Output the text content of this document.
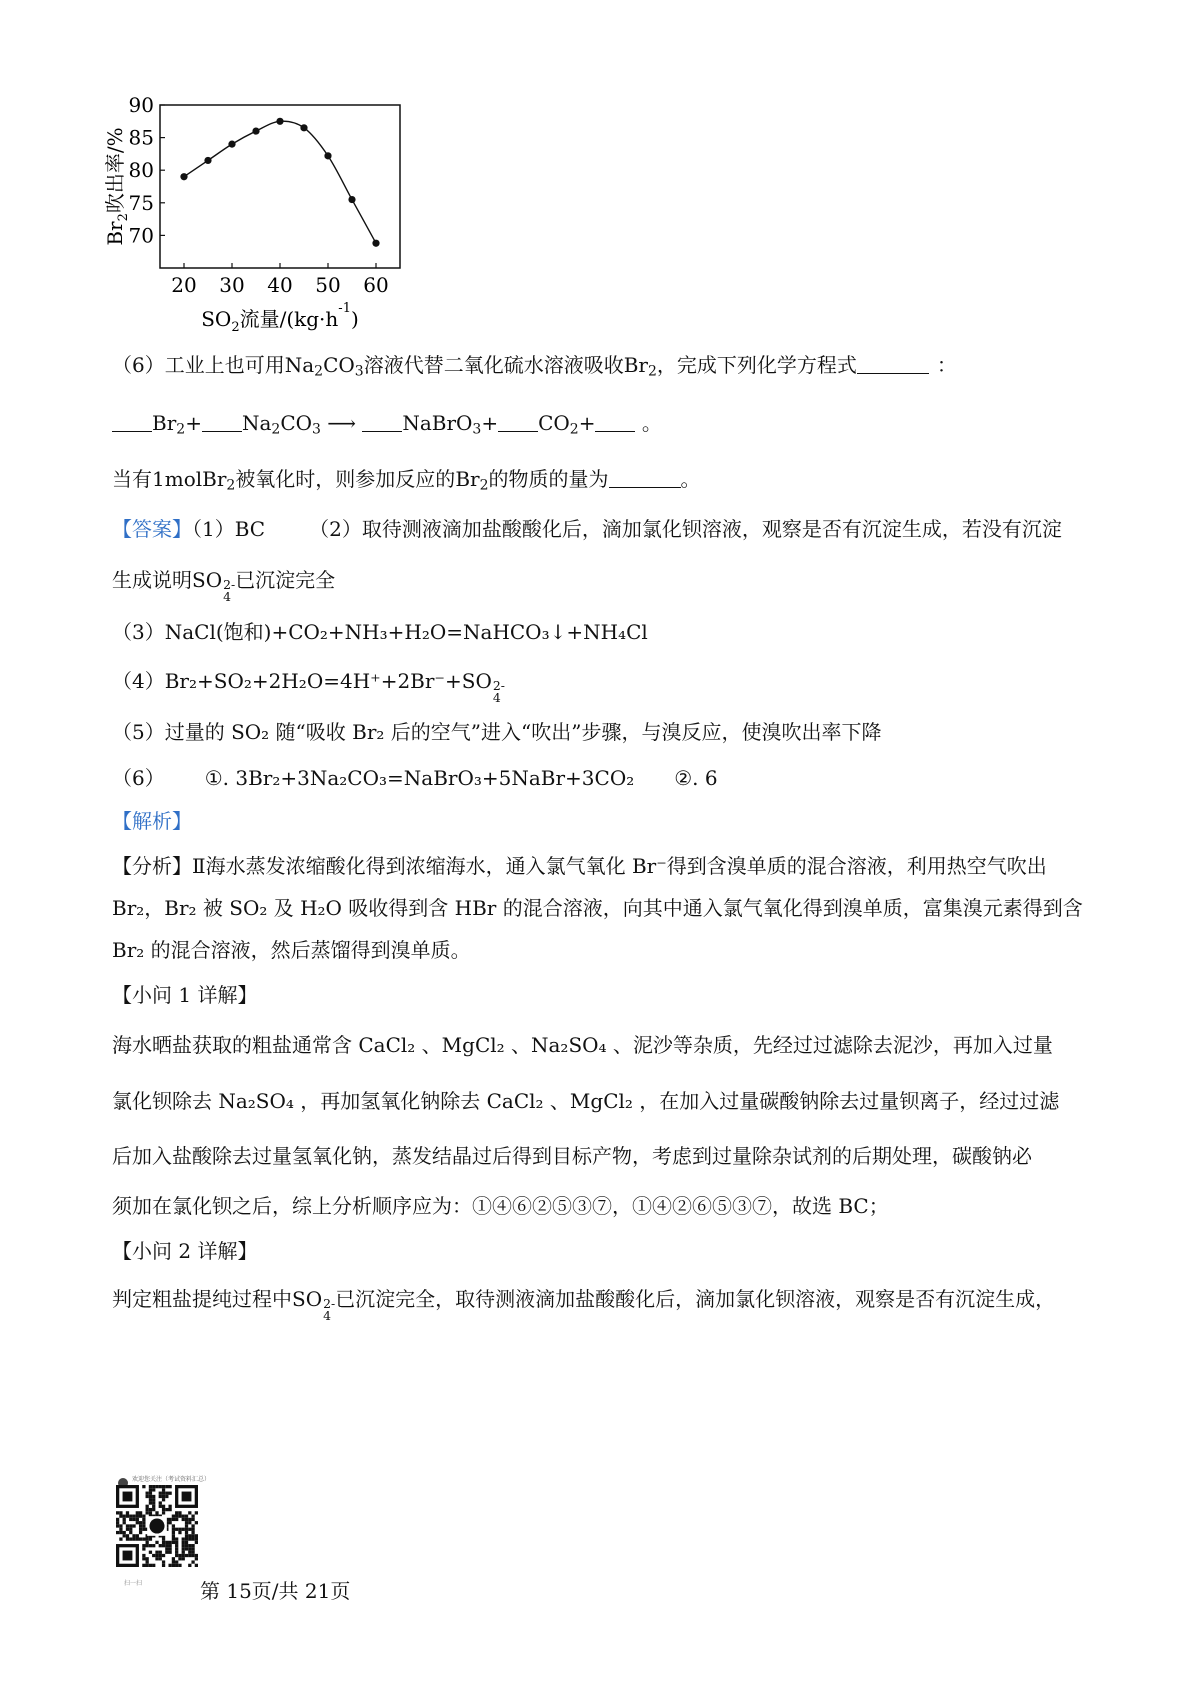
20 30 40 50 60
90
85
80
75
70
$SO_2$流量$/(kg\cdot h^{-1})$
$Br_2$吹出率/%
（6）工业上也可用$Na_2CO_3$溶液代替二氧化硫水溶液吸收$Br_2$，完成下列化学方程式	：
$Br_2+ Na_2CO_3$ ⟶ NaBrO$_3$+ $CO_2+$ 。
当有1molBr$_2$被氧化时，则参加反应的$Br_2$的物质的量为	。
【答案】（1）BC （2）取待测液滴加盐酸酸化后，滴加氯化钡溶液，观察是否有沉淀生成，若没有沉淀
生成说明SO 2-
4
已沉淀完全
（3）NaCl(饱和)+CO₂+NH₃+H₂O=NaHCO₃↓+NH₄Cl
（4）Br₂+SO₂+2H₂O=4H⁺+2Br⁻+SO 2-
4
（5）过量的 SO₂ 随“吸收 Br₂ 后的空气”进入“吹出”步骤，与溴反应，使溴吹出率下降
（6） ①. 3Br₂+3Na₂CO₃=NaBrO₃+5NaBr+3CO₂ ②. 6
【解析】
【分析】Ⅱ海水蒸发浓缩酸化得到浓缩海水，通入氯气氧化 Br⁻得到含溴单质的混合溶液，利用热空气吹出
Br₂，Br₂ 被 SO₂ 及 H₂O 吸收得到含 HBr 的混合溶液，向其中通入氯气氧化得到溴单质，富集溴元素得到含
Br₂ 的混合溶液，然后蒸馏得到溴单质。
【小问 1 详解】
海水晒盐获取的粗盐通常含 CaCl₂ 、MgCl₂ 、Na₂SO₄ 、泥沙等杂质，先经过过滤除去泥沙，再加入过量
氯化钡除去 Na₂SO₄ ，再加氢氧化钠除去 CaCl₂ 、MgCl₂ ，在加入过量碳酸钠除去过量钡离子，经过过滤
后加入盐酸除去过量氢氧化钠，蒸发结晶过后得到目标产物，考虑到过量除杂试剂的后期处理，碳酸钠必
须加在氯化钡之后，综上分析顺序应为：①④⑥②⑤③⑦，①④②⑥⑤③⑦，故选 BC；
【小问 2 详解】
判定粗盐提纯过程中SO 2-
4
已沉淀完全，取待测液滴加盐酸酸化后，滴加氯化钡溶液，观察是否有沉淀生成，
欢迎您关注（考试资料汇总）
扫一扫	第 15页/共 21页
